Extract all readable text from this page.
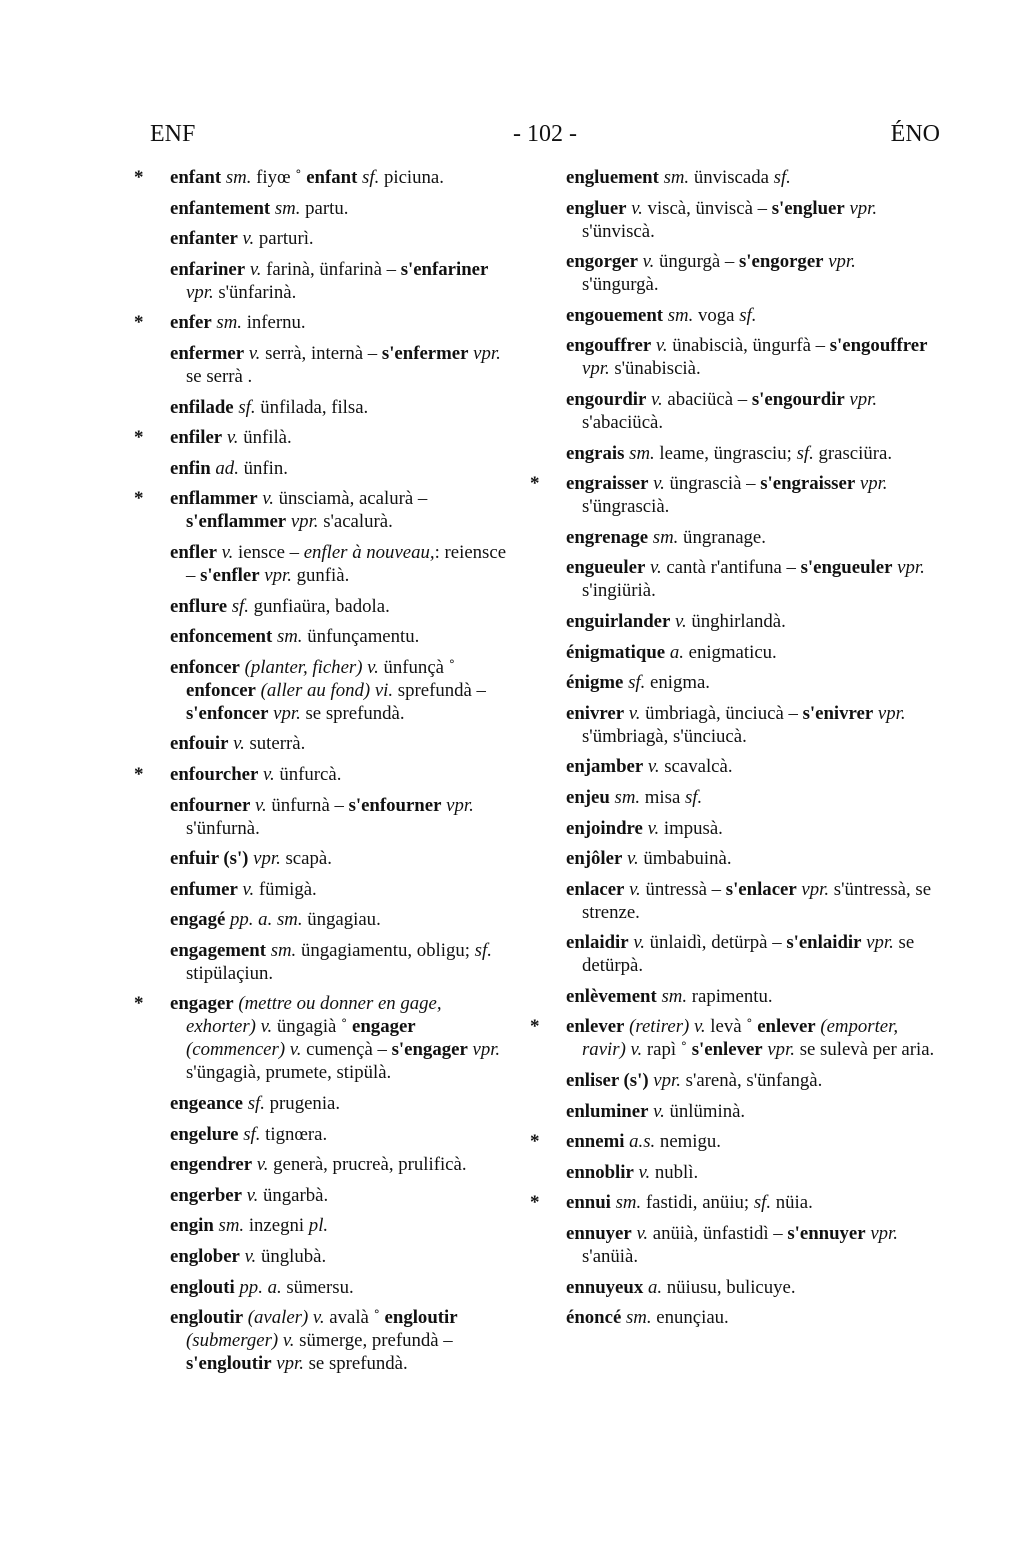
ENF	- 102 -	ÉNO
* enfant sm. fiyœ ˚ enfant sf. piciuna.
enfantement sm. partu.
enfanter v. parturì.
enfariner v. farinà, ünfarinà – s'enfariner vpr. s'ünfarinà.
* enfer sm. infernu.
enfermer v. serrà, internà – s'enfermer vpr. se serrà .
enfilade sf. ünfilada, filsa.
* enfiler v. ünfilà.
enfin ad. ünfin.
* enflammer v. ünsciamà, acalurà – s'enflammer vpr. s'acalurà.
enfler v. iensce – enfler à nouveau,: reiensce – s'enfler vpr. gunfià.
enflure sf. gunfiaüra, badola.
enfoncement sm. ünfunçamentu.
enfoncer (planter, ficher) v. ünfunçà ˚ enfoncer (aller au fond) vi. sprefundà – s'enfoncer vpr. se sprefundà.
enfouir v. suterrà.
* enfourcher v. ünfurcà.
enfourner v. ünfurnà – s'enfourner vpr. s'ünfurnà.
enfuir (s') vpr. scapà.
enfumer v. fümigà.
engagé pp. a. sm. üngagiau.
engagement sm. üngagiamentu, obligu; sf. stipülaçiun.
* engager (mettre ou donner en gage, exhorter) v. üngagià ˚ engager (commencer) v. cumençà – s'engager vpr. s'üngagià, prumete, stipülà.
engeance sf. prugenia.
engelure sf. tignœra.
engendrer v. generà, prucreà, prulificà.
engerber v. üngarbà.
engin sm. inzegni pl.
englober v. ünglubà.
englouti pp. a. sümersu.
engloutir (avaler) v. avalà ˚ engloutir (submerger) v. sümerge, prefundà – s'engloutir vpr. se sprefundà.
engluement sm. ünviscada sf.
engluer v. viscà, ünviscà – s'engluer vpr. s'ünviscà.
engorger v. üngurgà – s'engorger vpr. s'üngurgà.
engouement sm. voga sf.
engouffrer v. ünabiscià, üngurfà – s'engouffrer vpr. s'ünabiscià.
engourdir v. abaciücà – s'engourdir vpr. s'abaciücà.
engrais sm. leame, üngrasciu; sf. grasciüra.
* engraisser v. üngrascià – s'engraisser vpr. s'üngrascià.
engrenage sm. üngranage.
engueuler v. cantà r'antifuna – s'engueuler vpr. s'ingiürià.
enguirlander v. ünghirlandà.
énigmatique a. enigmaticu.
énigme sf. enigma.
enivrer v. ümbriagà, ünciucà – s'enivrer vpr. s'ümbriagà, s'ünciucà.
enjamber v. scavalcà.
enjeu sm. misa sf.
enjoindre v. impusà.
enjôler v. ümbabuinà.
enlacer v. üntressà – s'enlacer vpr. s'üntressà, se strenze.
enlaidir v. ünlaidì, detürpà – s'enlaidir vpr. se detürpà.
enlèvement sm. rapimentu.
* enlever (retirer) v. levà ˚ enlever (emporter, ravir) v. rapì ˚ s'enlever vpr. se sulevà per aria.
enliser (s') vpr. s'arenà, s'ünfangà.
enluminer v. ünlüminà.
* ennemi a.s. nemigu.
ennoblir v. nublì.
* ennui sm. fastidi, anüiu; sf. nüia.
ennuyer v. anüià, ünfastidì – s'ennuyer vpr. s'anüià.
ennuyeux a. nüiusu, bulicuye.
énoncé sm. enunçiau.
